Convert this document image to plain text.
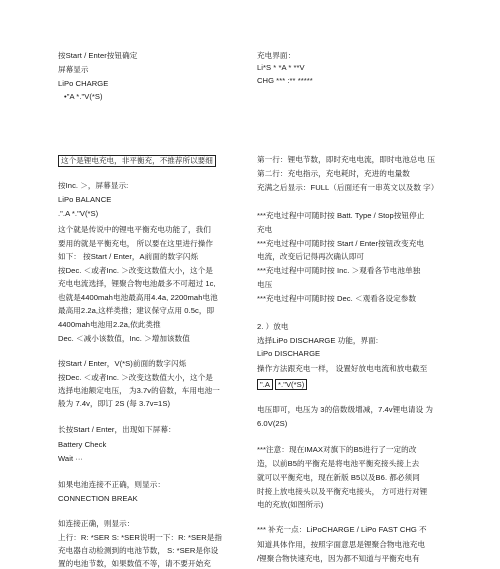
按Start / Enter按钮确定
屏幕显示
LiPo CHARGE
•"A *."V(*S)
这个是锂电充电，非平衡充，不推荐所以要细
按Inc. ＞，屏幕显示:
LiPo BALANCE
.".A *."V(*S)
这个就是传说中的锂电平衡充电功能了，我们
要用的就是平衡充电， 所以要在这里进行操作
如下： 按Start / Enter，A前面的数字闪烁
按Dec. ＜或者Inc. ＞改变这数值大小，这个是
充电电流选择，锂聚合物电池最多不可超过 1c,
也就是4400mah电池最高用4.4a, 2200mah电池
最高用2.2a,这样类推；建议保守点用 0.5c，即
4400mah电池用2.2a,依此类推
Dec. ＜减小该数值，Inc. ＞增加该数值
按Start / Enter，V(*S)前面的数字闪烁
按Dec. ＜或者Inc. ＞改变这数值大小，这个是
选择电池额定电压， 为3.7v的倍数，车用电池一
般为 7.4v，即订 2S (每 3.7v=1S)
长按Start / Enter，出现如下屏幕：
Battery Check
Wait ···
如果电池连接不正确，则显示：
CONNECTION BREAK
如连接正确，则显示：
上行：R: *SER S: *SER说明一下：R: *SER是指
充电器自动检测到的电池节数， S: *SER是你设
置的电池节数，如果数值不等，请不要开始充
充电界面：
Li*S * *A * **V
CHG *** :** *****
第一行：锂电节数，即时充电电流，即时电池总电 压
第二行：充电指示，充电耗时，充进的电量数
充满之后显示：FULL（后面还有一串英文以及数 字）
***充电过程中可随时按 Batt. Type / Stop按钮停止
充电
***充电过程中可随时按 Start / Enter按钮改变充电
电流，改变后记得再次确认即可
***充电过程中可随时按 Inc. ＞观看各节电池单独
电压
***充电过程中可随时按 Dec. ＜观看各设定参数
2. ）放电
选择LiPo DISCHARGE 功能，界面:
LiPo DISCHARGE
操作方法跟充电一样， 设置好放电电流和放电截至
".A *."V(*S)
电压即可，电压为 3的倍数级增减，7.4v锂电请设 为
6.0V(2S)
***注意：现在IMAX对旗下的B5进行了一定的改
造，以前B5的平衡充是将电池平衡充接头接上去
就可以平衡充电，现在新版 B5以及B6. 都必须同
时接上放电接头以及平衡充电接头， 方可进行对锂
电的充放(如图所示)
*** 补充一点：LiPoCHARGE / LiPo FAST CHG 不
知道具体作用，按照字面意思是锂聚合物电池充电
/锂聚合物快速充电，因为都不知道与平衡充电有
